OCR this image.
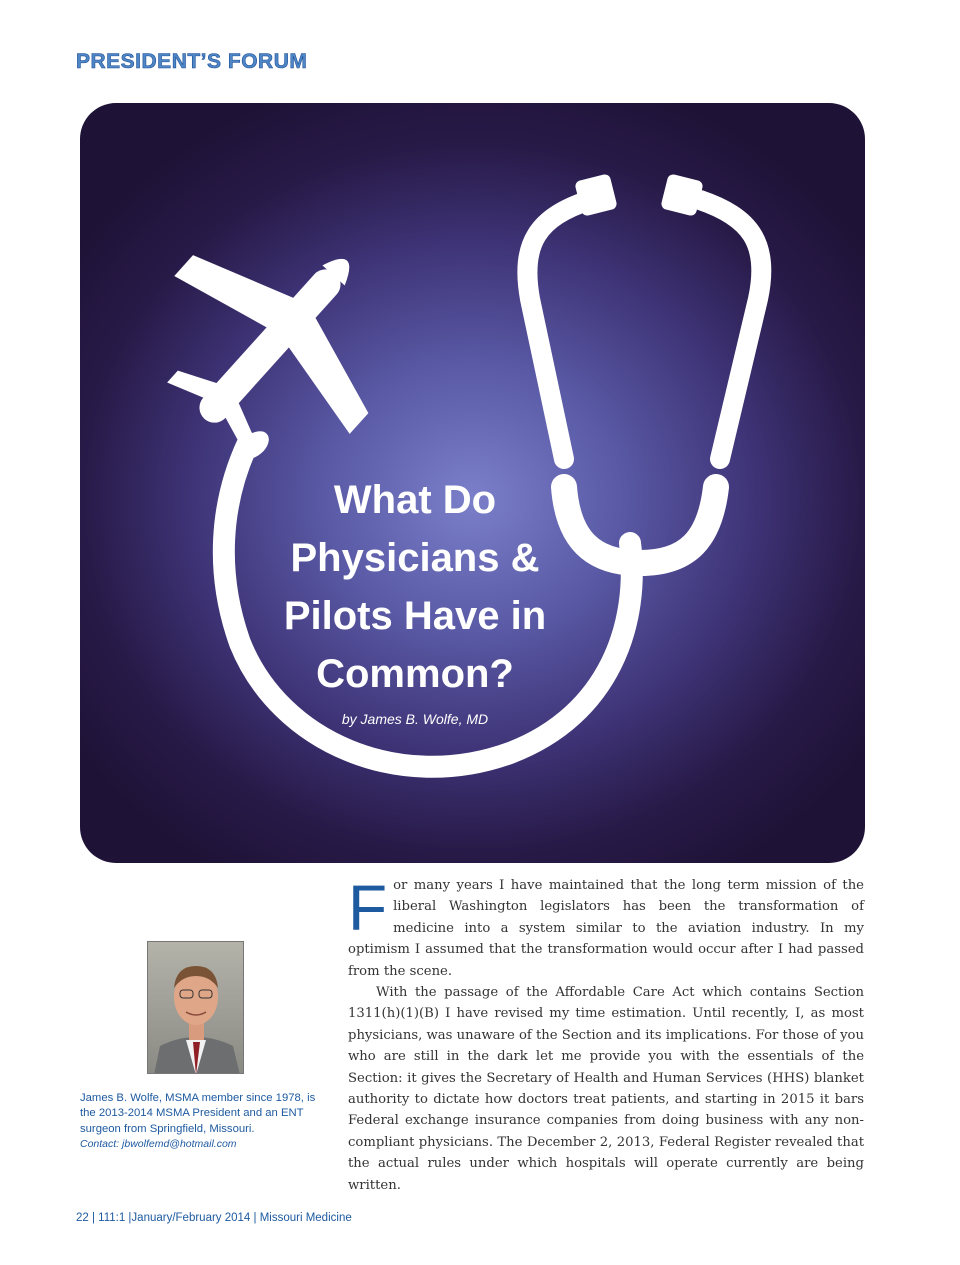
PRESIDENT’S FORUM
What Do Physicians & Pilots Have in Common?
by James B. Wolfe, MD
James B. Wolfe, MSMA member since 1978, is the 2013-2014 MSMA President and an ENT surgeon from Springfield, Missouri.
Contact: jbwolfemd@hotmail.com
F or many years I have maintained that the long term mission of the liberal Washington legislators has been the transformation of medicine into a system similar to the aviation industry. In my optimism I assumed that the transformation would occur after I had passed from the scene.

With the passage of the Affordable Care Act which contains Section 1311(h)(1)(B) I have revised my time estimation. Until recently, I, as most physicians, was unaware of the Section and its implications. For those of you who are still in the dark let me provide you with the essentials of the Section: it gives the Secretary of Health and Human Services (HHS) blanket authority to dictate how doctors treat patients, and starting in 2015 it bars Federal exchange insurance companies from doing business with any non-compliant physicians. The December 2, 2013, Federal Register revealed that the actual rules under which hospitals will operate currently are being written.

22 | 111:1 |January/February 2014 | Missouri Medicine
